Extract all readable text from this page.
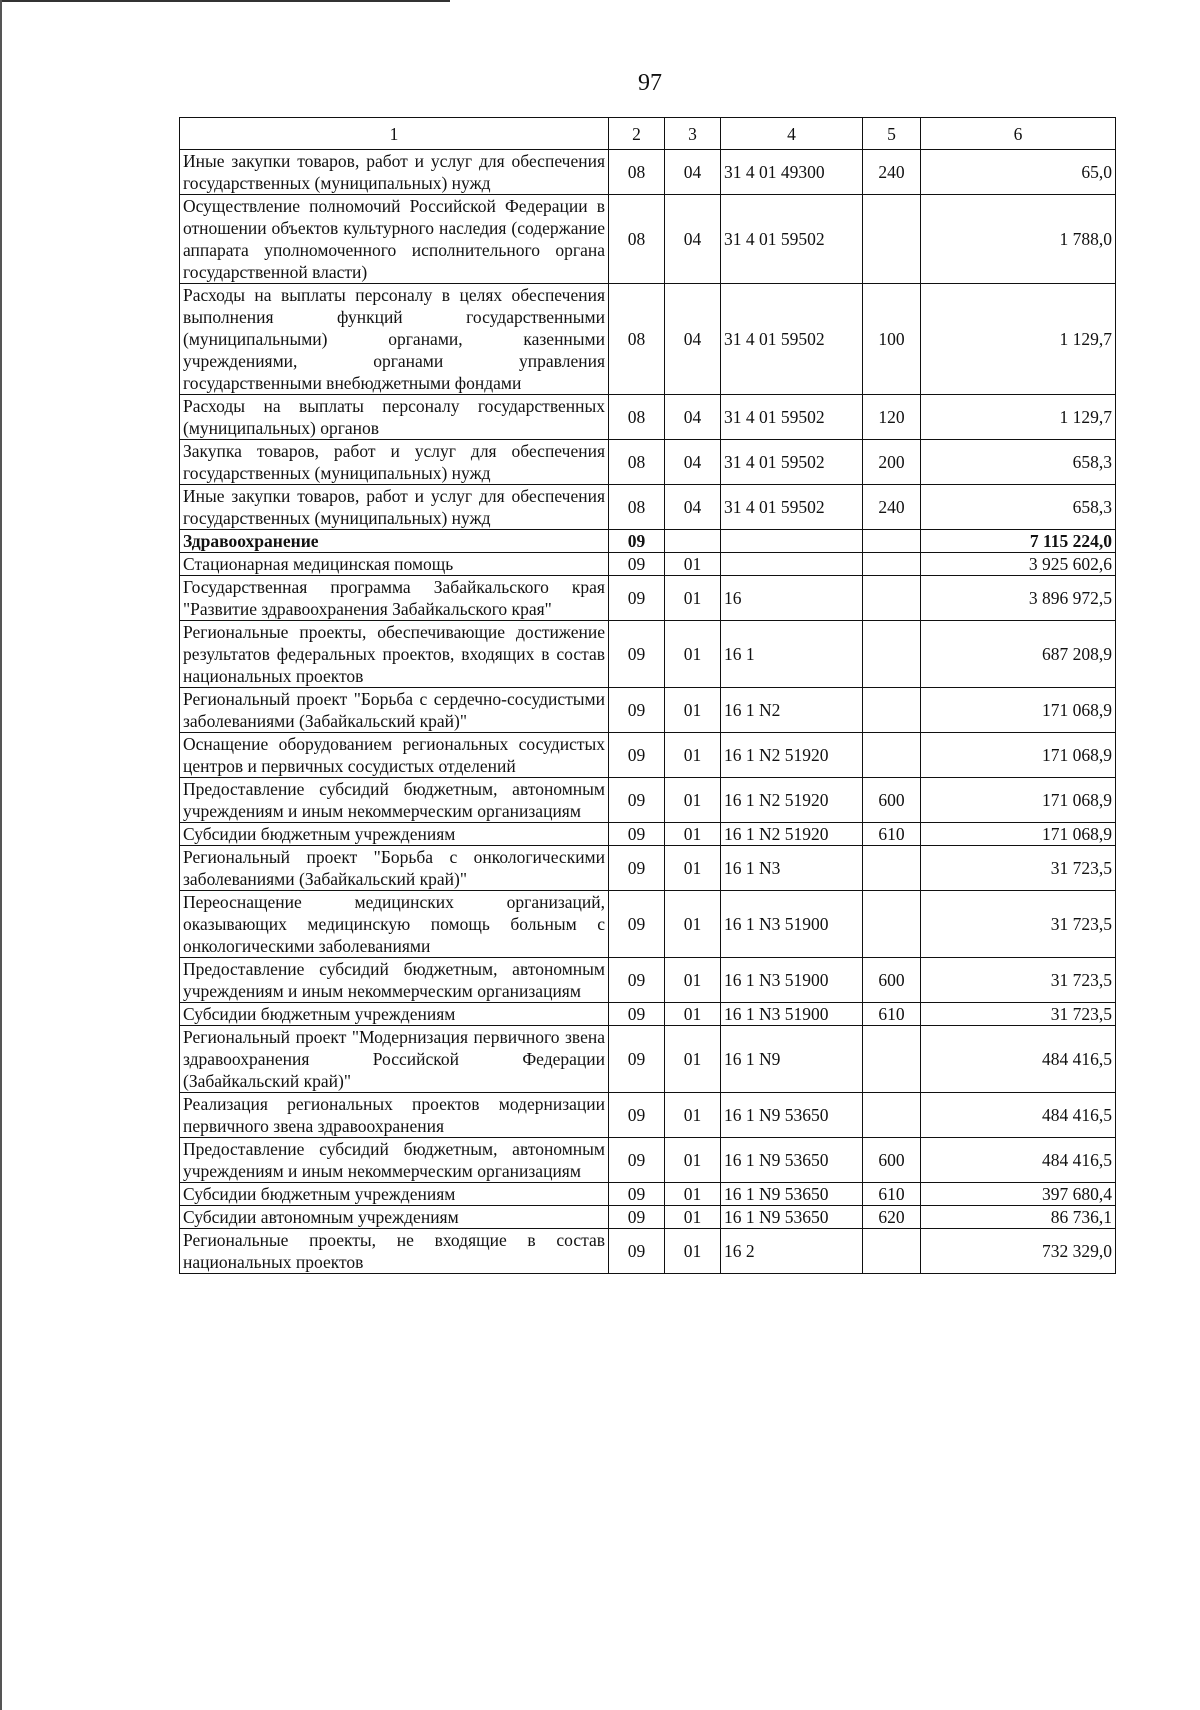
97
1	2	3	4	5	6
Иные закупки товаров, работ и услуг для обеспечения государственных (муниципальных) нужд	08	04	31 4 01 49300	240	65,0
Осуществление полномочий Российской Федерации в отношении объектов культурного наследия (содержание аппарата уполномоченного исполнительного органа государственной власти)	08	04	31 4 01 59502		1 788,0
Расходы на выплаты персоналу в целях обеспечения выполнения функций государственными (муниципальными) органами, казенными учреждениями, органами управления государственными внебюджетными фондами	08	04	31 4 01 59502	100	1 129,7
Расходы на выплаты персоналу государственных (муниципальных) органов	08	04	31 4 01 59502	120	1 129,7
Закупка товаров, работ и услуг для обеспечения государственных (муниципальных) нужд	08	04	31 4 01 59502	200	658,3
Иные закупки товаров, работ и услуг для обеспечения государственных (муниципальных) нужд	08	04	31 4 01 59502	240	658,3
Здравоохранение	09				7 115 224,0
Стационарная медицинская помощь	09	01			3 925 602,6
Государственная программа Забайкальского края "Развитие здравоохранения Забайкальского края"	09	01	16		3 896 972,5
Региональные проекты, обеспечивающие достижение результатов федеральных проектов, входящих в состав национальных проектов	09	01	16 1		687 208,9
Региональный проект "Борьба с сердечно-сосудистыми заболеваниями (Забайкальский край)"	09	01	16 1 N2		171 068,9
Оснащение оборудованием региональных сосудистых центров и первичных сосудистых отделений	09	01	16 1 N2 51920		171 068,9
Предоставление субсидий бюджетным, автономным учреждениям и иным некоммерческим организациям	09	01	16 1 N2 51920	600	171 068,9
Субсидии бюджетным учреждениям	09	01	16 1 N2 51920	610	171 068,9
Региональный проект "Борьба с онкологическими заболеваниями (Забайкальский край)"	09	01	16 1 N3		31 723,5
Переоснащение медицинских организаций, оказывающих медицинскую помощь больным с онкологическими заболеваниями	09	01	16 1 N3 51900		31 723,5
Предоставление субсидий бюджетным, автономным учреждениям и иным некоммерческим организациям	09	01	16 1 N3 51900	600	31 723,5
Субсидии бюджетным учреждениям	09	01	16 1 N3 51900	610	31 723,5
Региональный проект "Модернизация первичного звена здравоохранения Российской Федерации (Забайкальский край)"	09	01	16 1 N9		484 416,5
Реализация региональных проектов модернизации первичного звена здравоохранения	09	01	16 1 N9 53650		484 416,5
Предоставление субсидий бюджетным, автономным учреждениям и иным некоммерческим организациям	09	01	16 1 N9 53650	600	484 416,5
Субсидии бюджетным учреждениям	09	01	16 1 N9 53650	610	397 680,4
Субсидии автономным учреждениям	09	01	16 1 N9 53650	620	86 736,1
Региональные проекты, не входящие в состав национальных проектов	09	01	16 2		732 329,0
